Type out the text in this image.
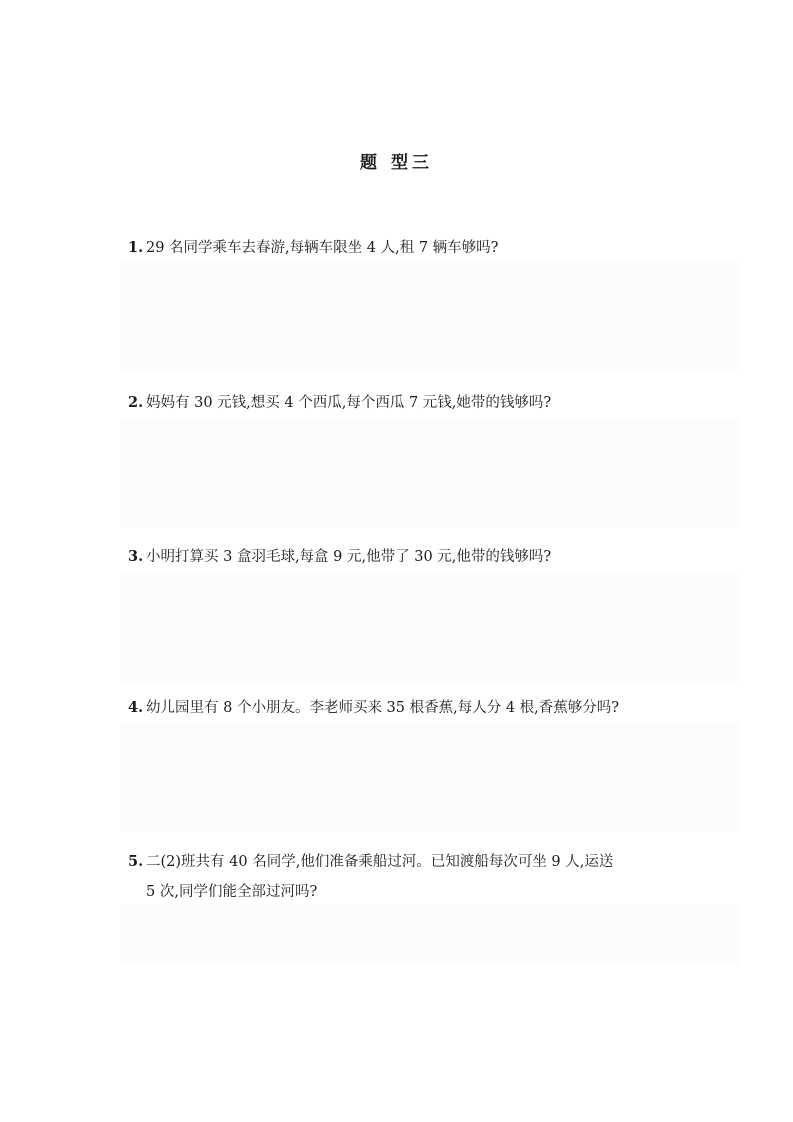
题 型三
1. 29 名同学乘车去春游,每辆车限坐 4 人,租 7 辆车够吗?
2. 妈妈有 30 元钱,想买 4 个西瓜,每个西瓜 7 元钱,她带的钱够吗?
3. 小明打算买 3 盒羽毛球,每盒 9 元,他带了 30 元,他带的钱够吗?
4. 幼儿园里有 8 个小朋友。李老师买来 35 根香蕉,每人分 4 根,香蕉够分吗?
5. 二(2)班共有 40 名同学,他们准备乘船过河。已知渡船每次可坐 9 人,运送
5 次,同学们能全部过河吗?
